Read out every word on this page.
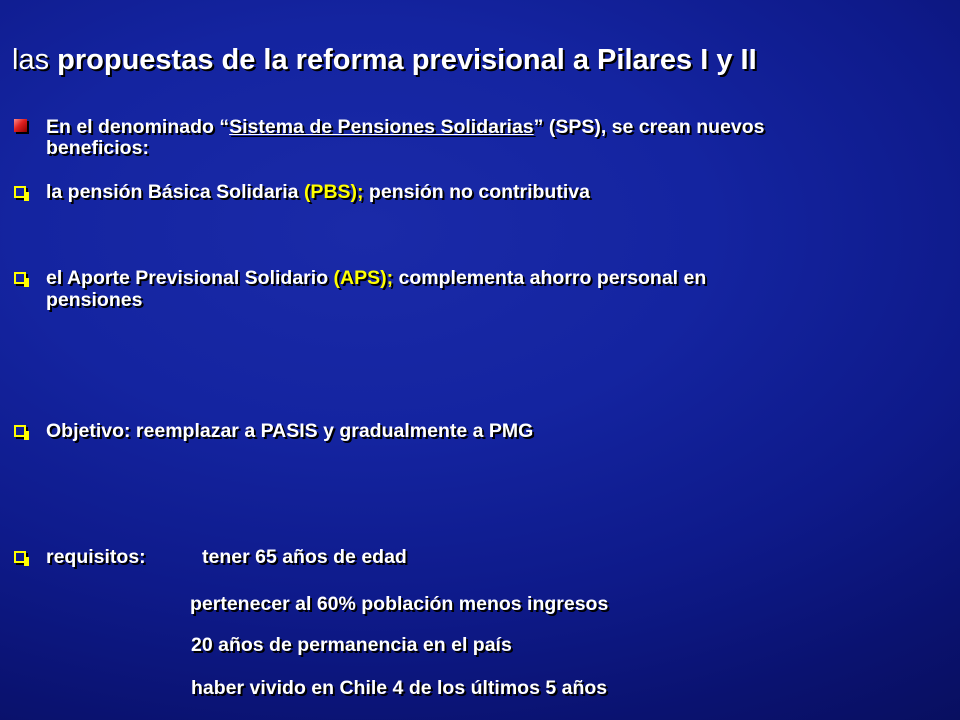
las propuestas de la reforma previsional a Pilares I y II
En el denominado “Sistema de Pensiones Solidarias” (SPS), se crean nuevos
beneficios:
la pensión Básica Solidaria (PBS); pensión no contributiva
el Aporte Previsional Solidario (APS); complementa ahorro personal en
pensiones
Objetivo: reemplazar a PASIS y gradualmente a PMG
requisitos:	tener 65 años de edad
pertenecer al 60% población menos ingresos
20 años de permanencia en el país
haber vivido en Chile 4 de los últimos 5 años
